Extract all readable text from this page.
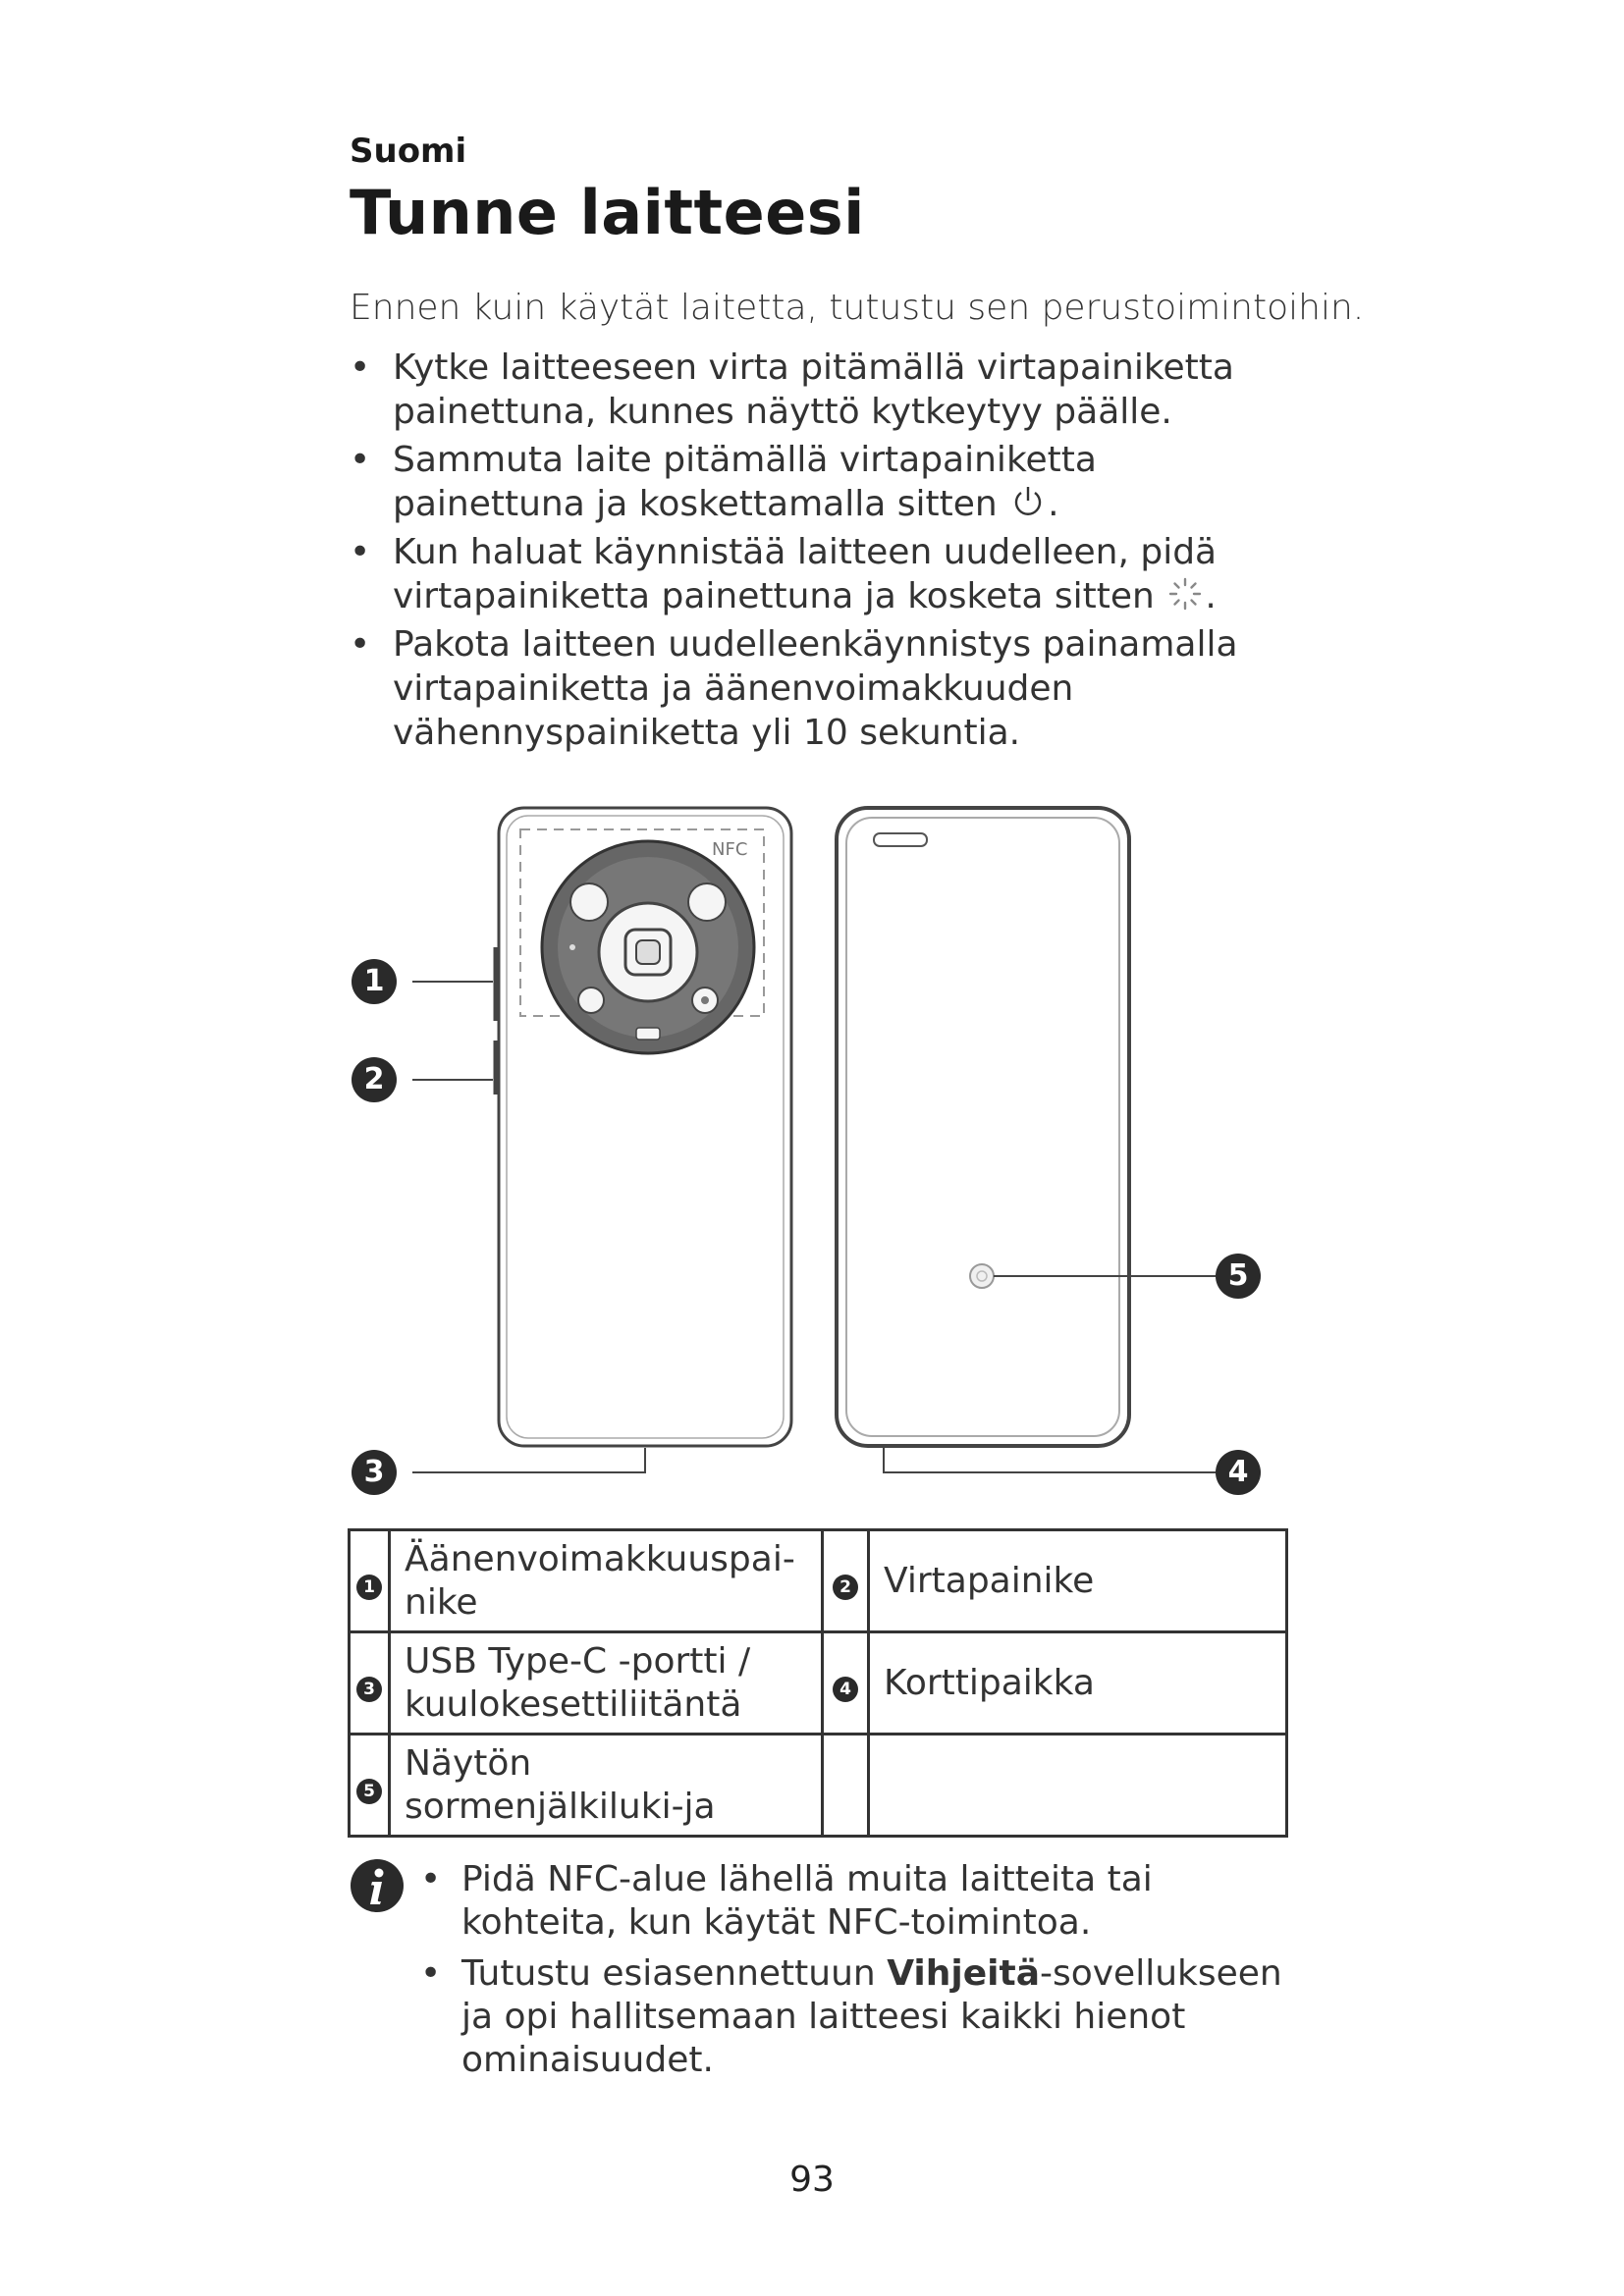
Suomi
Tunne laitteesi
Ennen kuin käytät laitetta, tutustu sen perustoimintoihin.
• Kytke laitteeseen virta pitämällä virtapainiketta painettuna, kunnes näyttö kytkeytyy päälle.
• Sammuta laite pitämällä virtapainiketta painettuna ja koskettamalla sitten .
• Kun haluat käynnistää laitteen uudelleen, pidä virtapainiketta painettuna ja kosketa sitten .
• Pakota laitteen uudelleenkäynnistys painamalla virtapainiketta ja äänenvoimakkuuden vähennyspainiketta yli 10 sekuntia.
NFC
1
2
3	4
5
1	Äänenvoimakkuuspai-nike	2	Virtapainike
3	USB Type-C -portti / kuulokesettiliitäntä	4	Korttipaikka
5	Näytön sormenjälkiluki-ja		
• Pidä NFC-alue lähellä muita laitteita tai kohteita, kun käytät NFC-toimintoa.
• Tutustu esiasennettuun Vihjeitä-sovellukseen ja opi hallitsemaan laitteesi kaikki hienot ominaisuudet.
93
